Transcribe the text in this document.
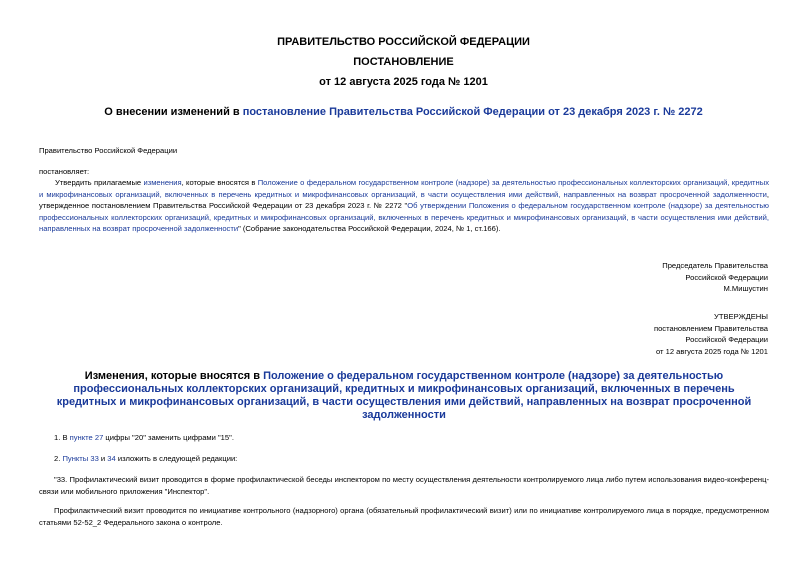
ПРАВИТЕЛЬСТВО РОССИЙСКОЙ ФЕДЕРАЦИИ
ПОСТАНОВЛЕНИЕ
от 12 августа 2025 года № 1201
О внесении изменений в постановление Правительства Российской Федерации от 23 декабря 2023 г. № 2272
Правительство Российской Федерации
постановляет:
Утвердить прилагаемые изменения, которые вносятся в Положение о федеральном государственном контроле (надзоре) за деятельностью профессиональных коллекторских организаций, кредитных и микрофинансовых организаций, включенных в перечень кредитных и микрофинансовых организаций, в части осуществления ими действий, направленных на возврат просроченной задолженности, утвержденное постановлением Правительства Российской Федерации от 23 декабря 2023 г. № 2272 "Об утверждении Положения о федеральном государственном контроле (надзоре) за деятельностью профессиональных коллекторских организаций, кредитных и микрофинансовых организаций, включенных в перечень кредитных и микрофинансовых организаций, в части осуществления ими действий, направленных на возврат просроченной задолженности" (Собрание законодательства Российской Федерации, 2024, № 1, ст.166).
Председатель Правительства
Российской Федерации
М.Мишустин
УТВЕРЖДЕНЫ
постановлением Правительства
Российской Федерации
от 12 августа 2025 года № 1201
Изменения, которые вносятся в Положение о федеральном государственном контроле (надзоре) за деятельностью профессиональных коллекторских организаций, кредитных и микрофинансовых организаций, включенных в перечень кредитных и микрофинансовых организаций, в части осуществления ими действий, направленных на возврат просроченной задолженности
1. В пункте 27 цифры "20" заменить цифрами "15".
2. Пункты 33 и 34 изложить в следующей редакции:
"33. Профилактический визит проводится в форме профилактической беседы инспектором по месту осуществления деятельности контролируемого лица либо путем использования видео-конференц-связи или мобильного приложения "Инспектор".
Профилактический визит проводится по инициативе контрольного (надзорного) органа (обязательный профилактический визит) или по инициативе контролируемого лица в порядке, предусмотренном статьями 52-52_2 Федерального закона о контроле.
